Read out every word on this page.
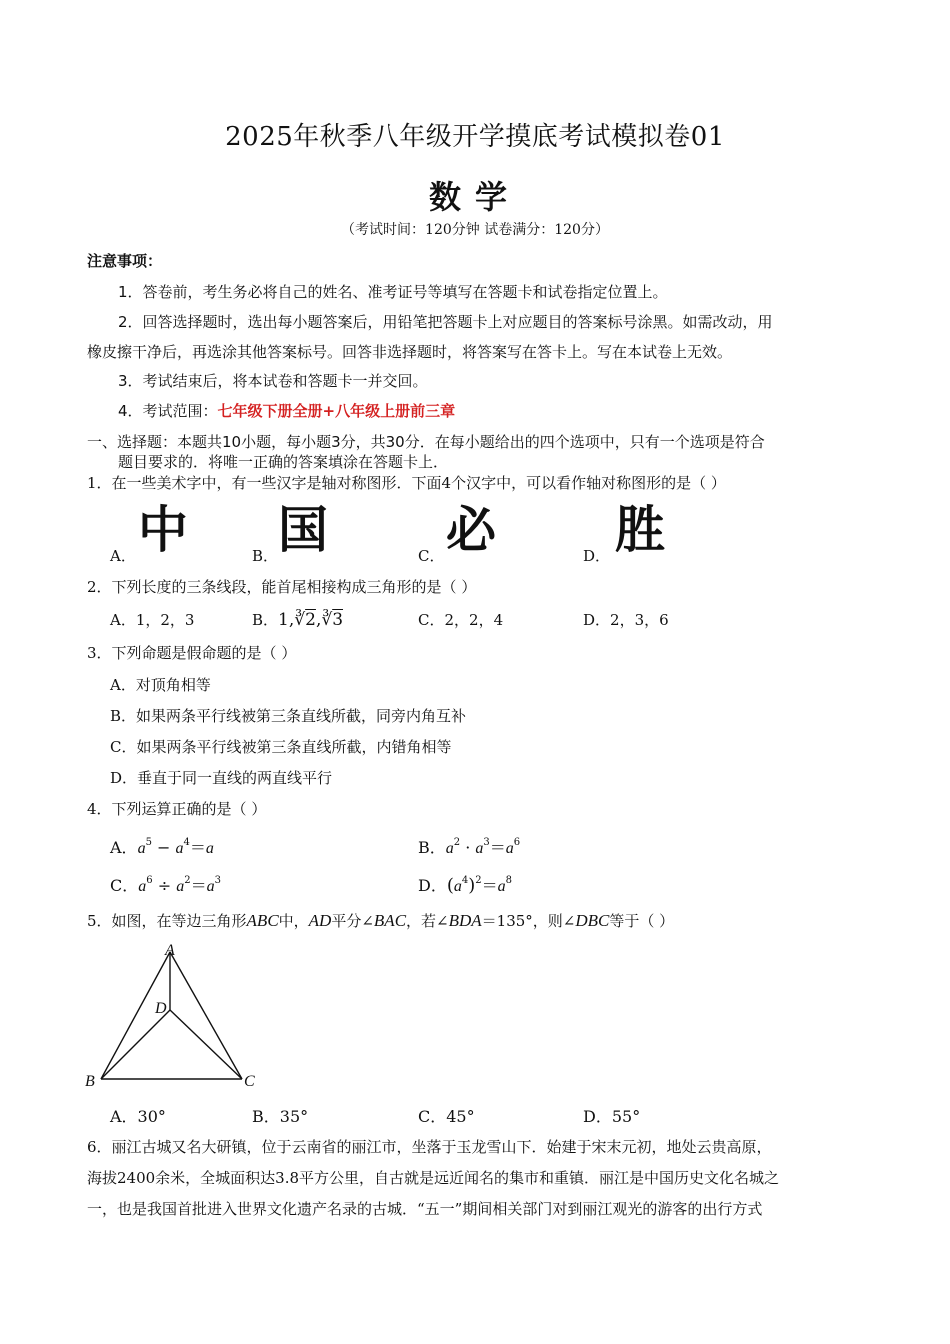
2025年秋季八年级开学摸底考试模拟卷01
数学
（考试时间：120分钟 试卷满分：120分）
注意事项：
1．答卷前，考生务必将自己的姓名、准考证号等填写在答题卡和试卷指定位置上。
2．回答选择题时，选出每小题答案后，用铅笔把答题卡上对应题目的答案标号涂黑。如需改动，用
橡皮擦干净后，再选涂其他答案标号。回答非选择题时，将答案写在答卡上。写在本试卷上无效。
3．考试结束后，将本试卷和答题卡一并交回。
4．考试范围：七年级下册全册+八年级上册前三章
一、选择题：本题共10小题，每小题3分，共30分．在每小题给出的四个选项中，只有一个选项是符合
题目要求的．将唯一正确的答案填涂在答题卡上．
1．在一些美术字中，有一些汉字是轴对称图形．下面4个汉字中，可以看作轴对称图形的是（ ）
A． 中	B． 国	C． 必	D． 胜
2．下列长度的三条线段，能首尾相接构成三角形的是（ ）
A．1，2，3	B．1,∛2,∛3	C．2，2，4	D．2，3，6
3．下列命题是假命题的是（ ）
A．对顶角相等
B．如果两条平行线被第三条直线所截，同旁内角互补
C．如果两条平行线被第三条直线所截，内错角相等
D．垂直于同一直线的两直线平行
4．下列运算正确的是（ ）
A．$a^5 - a^4=a$	B．$a^2 \cdot a^3=a^6$
C．$a^6 \div a^2=a^3$	D．$(a^4)^2=a^8$
5．如图，在等边三角形ABC中，AD平分∠BAC，若∠BDA＝135°，则∠DBC等于（ ）
A
D
B	C
A．30°	B．35°	C．45°	D．55°
6．丽江古城又名大研镇，位于云南省的丽江市，坐落于玉龙雪山下．始建于宋末元初，地处云贵高原，
海拔2400余米，全城面积达3.8平方公里，自古就是远近闻名的集市和重镇．丽江是中国历史文化名城之
一，也是我国首批进入世界文化遗产名录的古城．“五一”期间相关部门对到丽江观光的游客的出行方式
